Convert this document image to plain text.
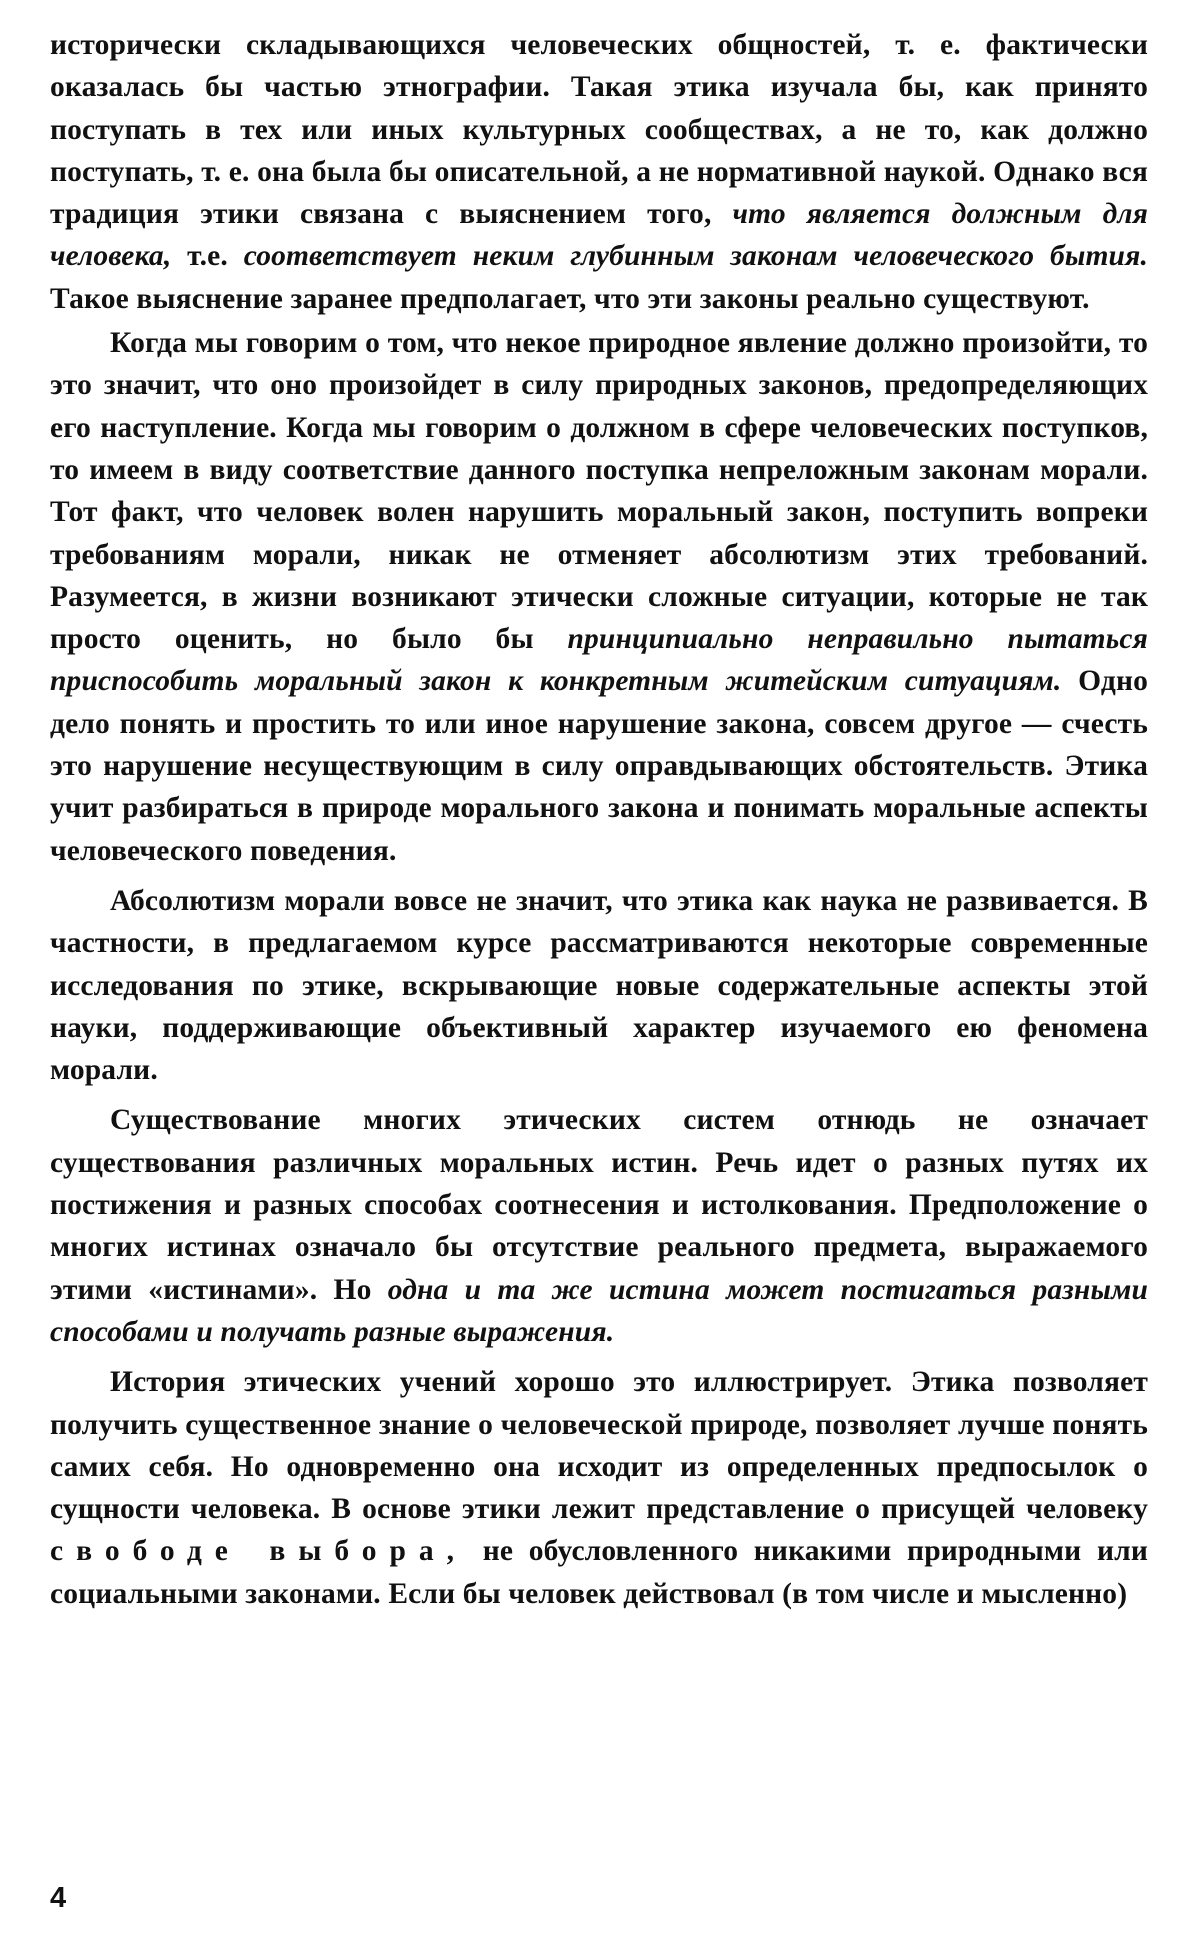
исторически складывающихся человеческих общностей, т. е. фактически оказалась бы частью этнографии. Такая этика изучала бы, как принято поступать в тех или иных культурных сообществах, а не то, как должно поступать, т. е. она была бы описательной, а не нормативной наукой. Однако вся традиция этики связана с выяснением того, что является должным для человека, т.е. соответствует неким глубинным законам человеческого бытия. Такое выяснение заранее предполагает, что эти законы реально существуют.

Когда мы говорим о том, что некое природное явление должно произойти, то это значит, что оно произойдет в силу природных законов, предопределяющих его наступление. Когда мы говорим о должном в сфере человеческих поступков, то имеем в виду соответствие данного поступка непреложным законам морали. Тот факт, что человек волен нарушить моральный закон, поступить вопреки требованиям морали, никак не отменяет абсолютизм этих требований. Разумеется, в жизни возникают этически сложные ситуации, которые не так просто оценить, но было бы принципиально неправильно пытаться приспособить моральный закон к конкретным житейским ситуациям. Одно дело понять и простить то или иное нарушение закона, совсем другое — счесть это нарушение несуществующим в силу оправдывающих обстоятельств. Этика учит разбираться в природе морального закона и понимать моральные аспекты человеческого поведения.

Абсолютизм морали вовсе не значит, что этика как наука не развивается. В частности, в предлагаемом курсе рассматриваются некоторые современные исследования по этике, вскрывающие новые содержательные аспекты этой науки, поддерживающие объективный характер изучаемого ею феномена морали.

Существование многих этических систем отнюдь не означает существования различных моральных истин. Речь идет о разных путях их постижения и разных способах соотнесения и истолкования. Предположение о многих истинах означало бы отсутствие реального предмета, выражаемого этими «истинами». Но одна и та же истина может постигаться разными способами и получать разные выражения.

История этических учений хорошо это иллюстрирует. Этика позволяет получить существенное знание о человеческой природе, позволяет лучше понять самих себя. Но одновременно она исходит из определенных предпосылок о сущности человека. В основе этики лежит представление о присущей человеку свободе выбора, не обусловленного никакими природными или социальными законами. Если бы человек действовал (в том числе и мысленно)

4
